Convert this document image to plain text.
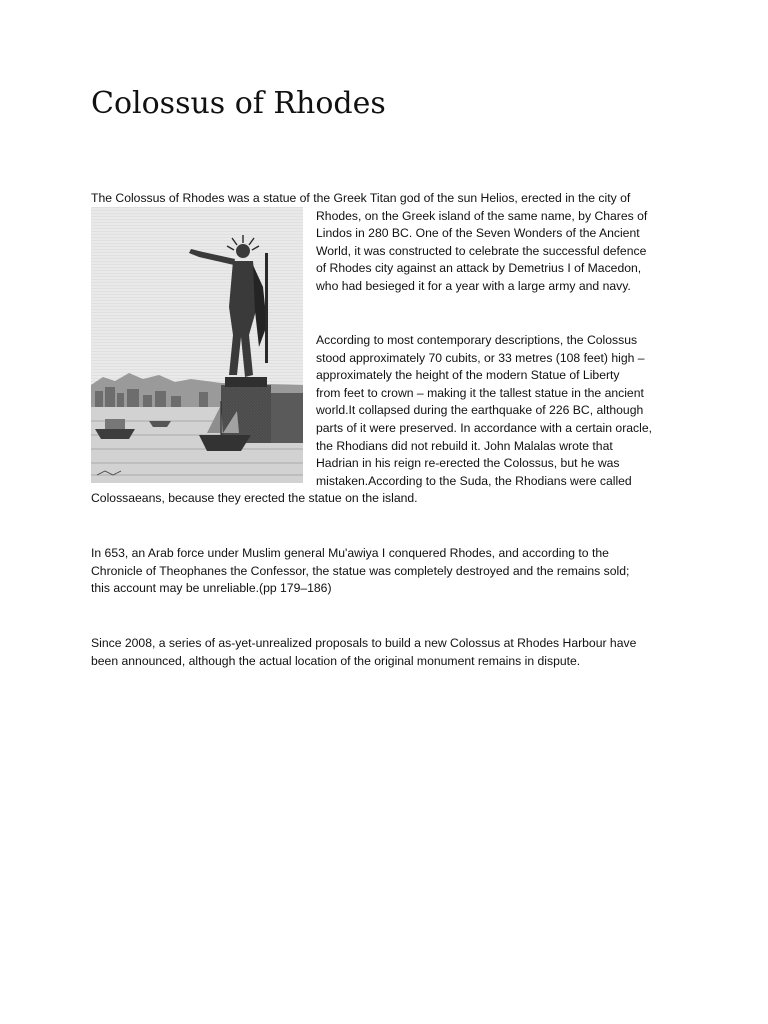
Colossus of Rhodes

The Colossus of Rhodes was a statue of the Greek Titan god of the sun Helios, erected in the city of
Rhodes, on the Greek island of the same name, by Chares of
Lindos in 280 BC. One of the Seven Wonders of the Ancient
World, it was constructed to celebrate the successful defence
of Rhodes city against an attack by Demetrius I of Macedon,
who had besieged it for a year with a large army and navy.

According to most contemporary descriptions, the Colossus
stood approximately 70 cubits, or 33 metres (108 feet) high –
approximately the height of the modern Statue of Liberty
from feet to crown – making it the tallest statue in the ancient
world.It collapsed during the earthquake of 226 BC, although
parts of it were preserved. In accordance with a certain oracle,
the Rhodians did not rebuild it. John Malalas wrote that
Hadrian in his reign re-erected the Colossus, but he was
mistaken.According to the Suda, the Rhodians were called
Colossaeans, because they erected the statue on the island.

In 653, an Arab force under Muslim general Mu'awiya I conquered Rhodes, and according to the
Chronicle of Theophanes the Confessor, the statue was completely destroyed and the remains sold;
this account may be unreliable.(pp 179–186)

Since 2008, a series of as-yet-unrealized proposals to build a new Colossus at Rhodes Harbour have
been announced, although the actual location of the original monument remains in dispute.
